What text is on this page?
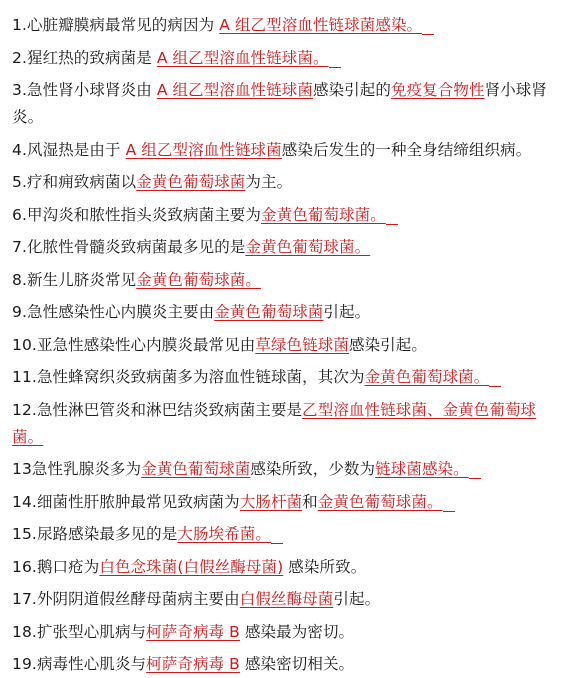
1.心脏瓣膜病最常见的病因为 A 组乙型溶血性链球菌感染。
2.猩红热的致病菌是 A 组乙型溶血性链球菌。
3.急性肾小球肾炎由 A 组乙型溶血性链球菌感染引起的免疫复合物性肾小球肾炎。
4.风湿热是由于 A 组乙型溶血性链球菌感染后发生的一种全身结缔组织病。
5.疗和痈致病菌以金黄色葡萄球菌为主。
6.甲沟炎和脓性指头炎致病菌主要为金黄色葡萄球菌。
7.化脓性骨髓炎致病菌最多见的是金黄色葡萄球菌。
8.新生儿脐炎常见金黄色葡萄球菌。
9.急性感染性心内膜炎主要由金黄色葡萄球菌引起。
10.亚急性感染性心内膜炎最常见由草绿色链球菌感染引起。
11.急性蜂窝织炎致病菌多为溶血性链球菌，其次为金黄色葡萄球菌。
12.急性淋巴管炎和淋巴结炎致病菌主要是乙型溶血性链球菌、金黄色葡萄球菌。
13急性乳腺炎多为金黄色葡萄球菌感染所致，少数为链球菌感染。
14.细菌性肝脓肿最常见致病菌为大肠杆菌和金黄色葡萄球菌。
15.尿路感染最多见的是大肠埃希菌。
16.鹅口疮为白色念珠菌(白假丝酶母菌) 感染所致。
17.外阴阴道假丝酵母菌病主要由白假丝酶母菌引起。
18.扩张型心肌病与柯萨奇病毒 B 感染最为密切。
19.病毒性心肌炎与柯萨奇病毒 B 感染密切相关。
